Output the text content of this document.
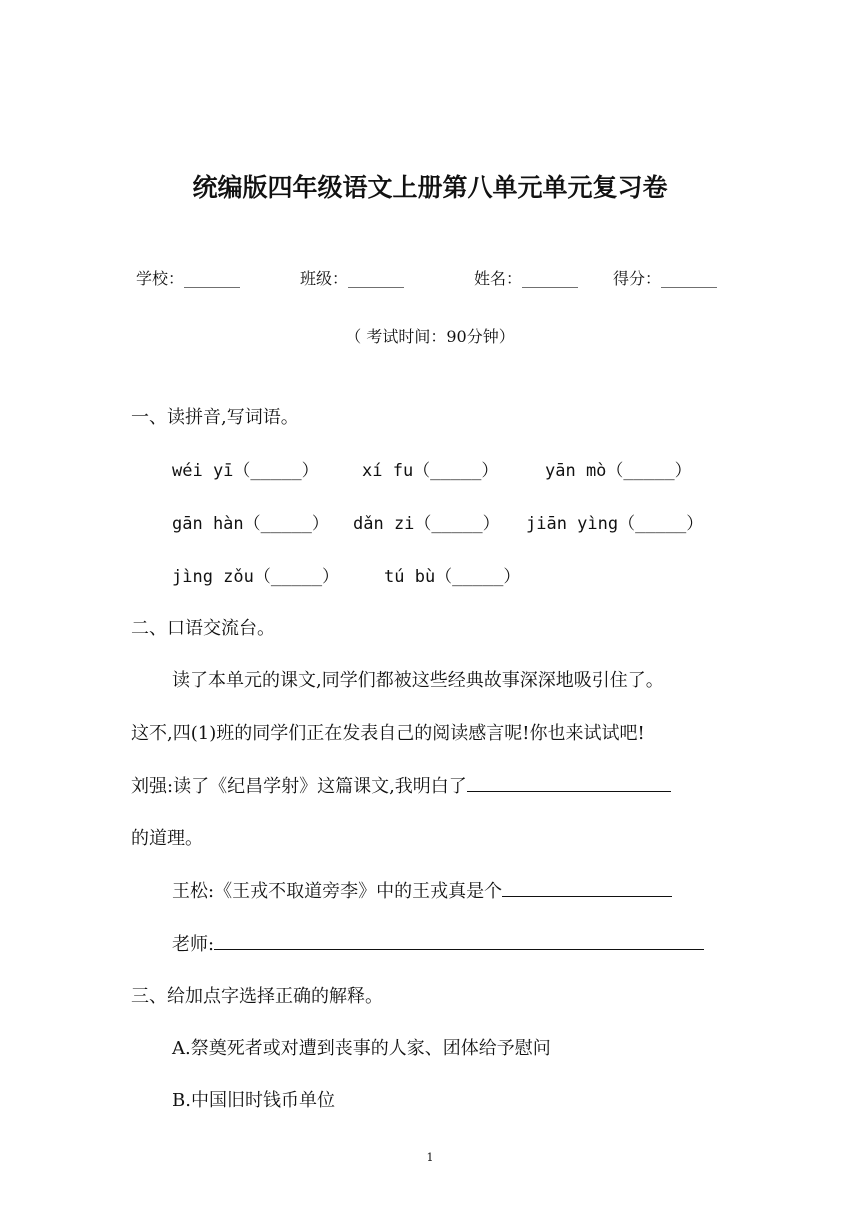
统编版四年级语文上册第八单元单元复习卷
学校：_______	班级：_______	姓名：_______ 得分：_______
（ 考试时间：90分钟）
一、读拼音,写词语。
wéi yī（_____）	xí fu（_____）	yān mò（_____）
gān hàn（_____） dǎn zi（_____） jiān yìng（_____）
jìng zǒu（_____）	tú bù（_____）
二、口语交流台。
读了本单元的课文,同学们都被这些经典故事深深地吸引住了。
这不,四(1)班的同学们正在发表自己的阅读感言呢!你也来试试吧!
刘强:读了《纪昌学射》这篇课文,我明白了
的道理。
王松:《王戎不取道旁李》中的王戎真是个
老师:
三、给加点字选择正确的解释。
A.祭奠死者或对遭到丧事的人家、团体给予慰问
B.中国旧时钱币单位
1
